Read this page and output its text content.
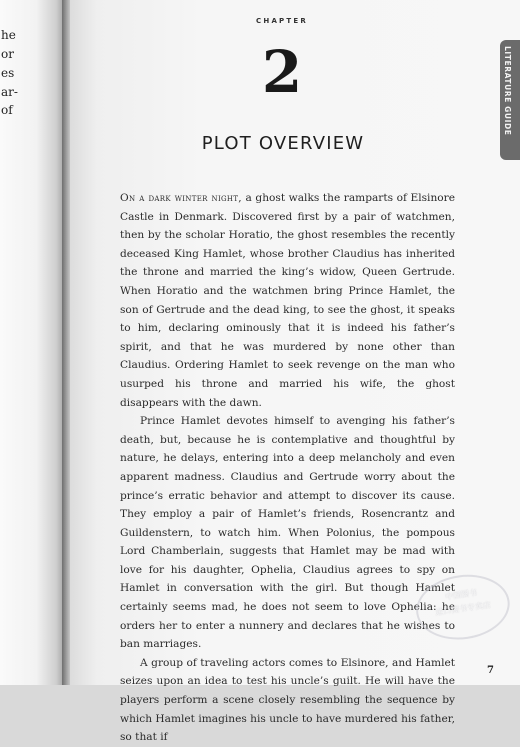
he
or
es
ar-
of
CHAPTER
2
PLOT OVERVIEW
LITERATURE GUIDE

On a dark winter night, a ghost walks the ramparts of Elsinore Castle in Denmark. Discovered first by a pair of watchmen, then by the scholar Horatio, the ghost resembles the recently deceased King Hamlet, whose brother Claudius has inherited the throne and married the king’s widow, Queen Gertrude. When Horatio and the watchmen bring Prince Hamlet, the son of Gertrude and the dead king, to see the ghost, it speaks to him, declaring ominously that it is indeed his father’s spirit, and that he was murdered by none other than Claudius. Ordering Hamlet to seek revenge on the man who usurped his throne and married his wife, the ghost disappears with the dawn.

Prince Hamlet devotes himself to avenging his father’s death, but, because he is contemplative and thoughtful by nature, he delays, entering into a deep melancholy and even apparent madness. Claudius and Gertrude worry about the prince’s erratic behavior and attempt to discover its cause. They employ a pair of Hamlet’s friends, Rosencrantz and Guildenstern, to watch him. When Polonius, the pompous Lord Chamberlain, suggests that Hamlet may be mad with love for his daughter, Ophelia, Claudius agrees to spy on Hamlet in conversation with the girl. But though Hamlet certainly seems mad, he does not seem to love Ophelia: he orders her to enter a nunnery and declares that he wishes to ban marriages.

A group of traveling actors comes to Elsinore, and Hamlet seizes upon an idea to test his uncle’s guilt. He will have the players perform a scene closely resembling the sequence by which Hamlet imagines his uncle to have murdered his father, so that if

中国图书
进口图书专卖店
7
